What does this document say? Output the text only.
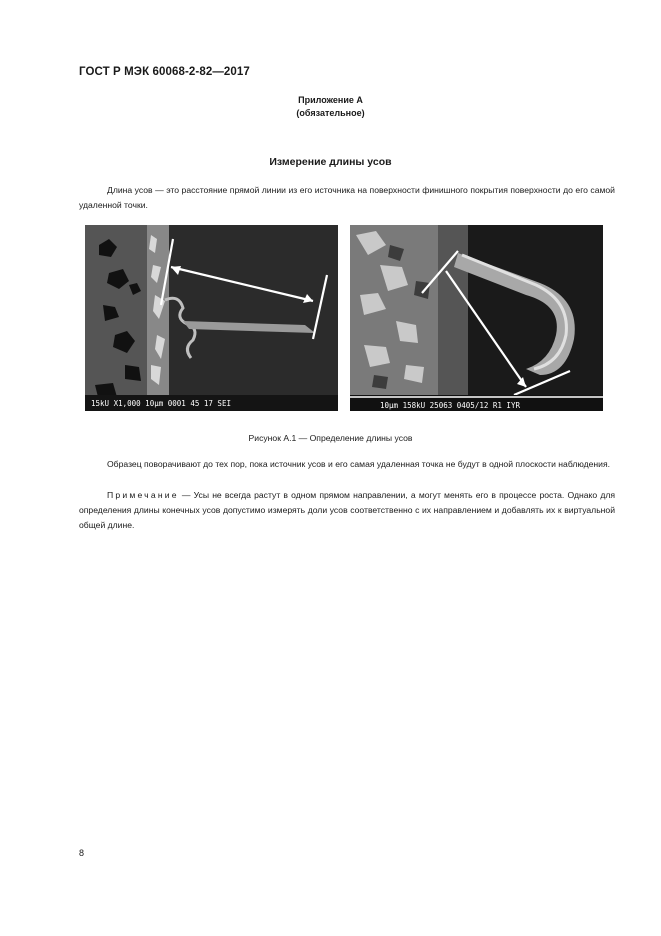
ГОСТ Р МЭК 60068-2-82—2017
Приложение А
(обязательное)
Измерение длины усов

Длина усов — это расстояние прямой линии из его источника на поверхности финишного покрытия поверхности до его самой удаленной точки.

15kU X1,000 10µm 0001 45 17 SEI	10µm 158kU 25063 0405/12 R1 IYR
Рисунок А.1 — Определение длины усов

Образец поворачивают до тех пор, пока источник усов и его самая удаленная точка не будут в одной плоскости наблюдения.

Примечание — Усы не всегда растут в одном прямом направлении, а могут менять его в процессе роста. Однако для определения длины конечных усов допустимо измерять доли усов соответственно с их направлением и добавлять их к виртуальной общей длине.

8
